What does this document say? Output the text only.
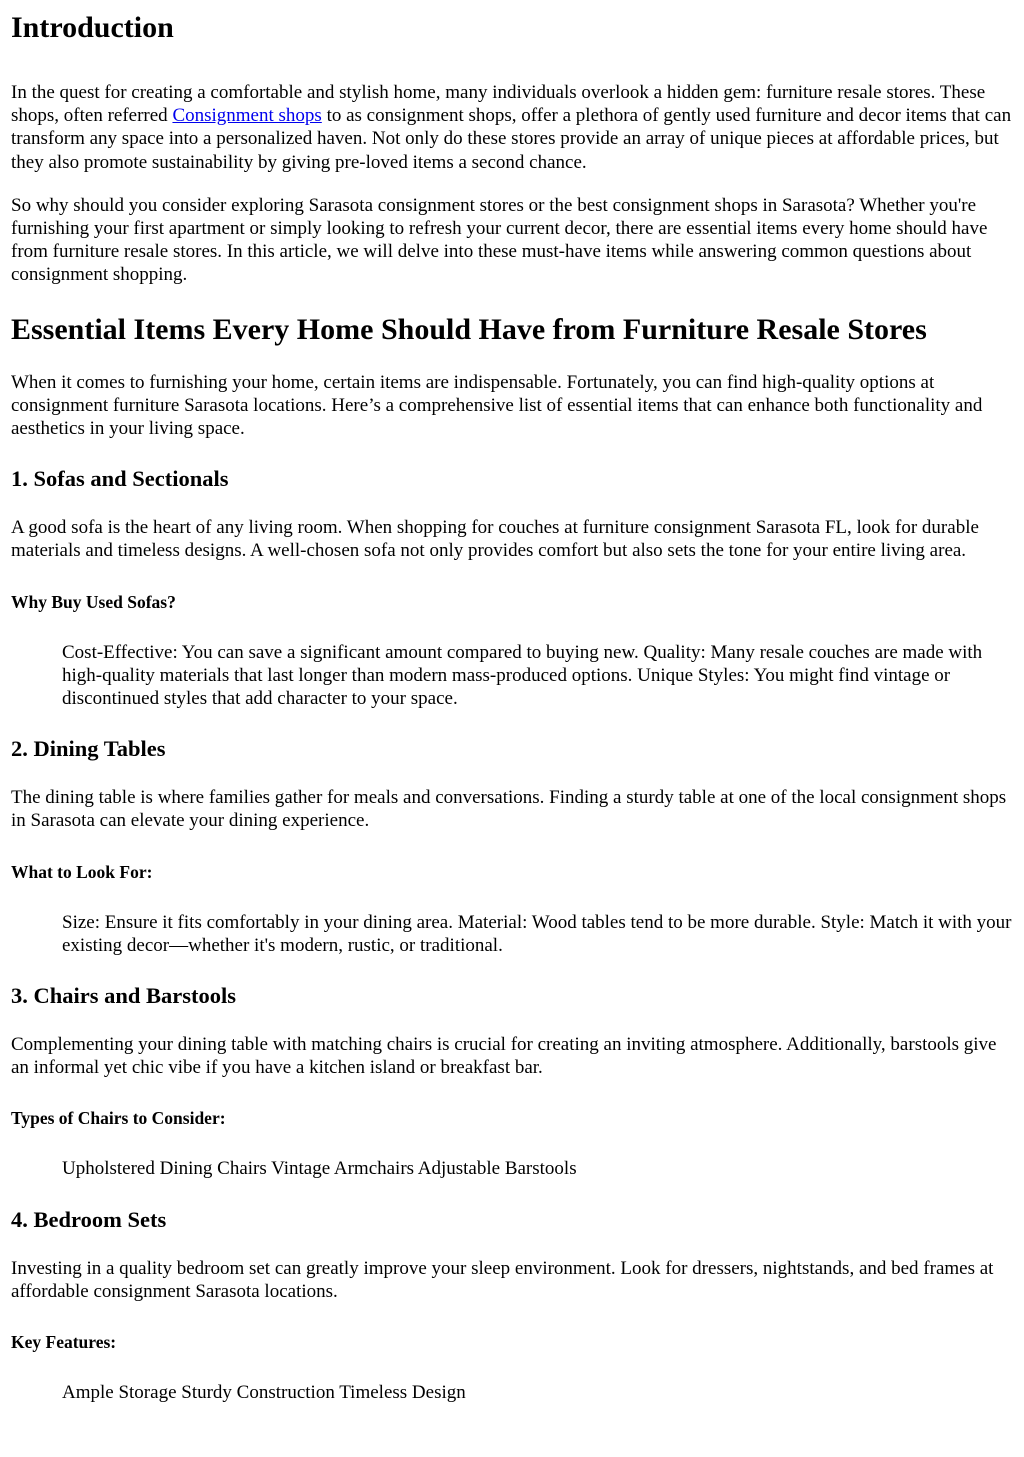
Introduction

In the quest for creating a comfortable and stylish home, many individuals overlook a hidden gem: furniture resale stores. These shops, often referred Consignment shops to as consignment shops, offer a plethora of gently used furniture and decor items that can transform any space into a personalized haven. Not only do these stores provide an array of unique pieces at affordable prices, but they also promote sustainability by giving pre-loved items a second chance.

So why should you consider exploring Sarasota consignment stores or the best consignment shops in Sarasota? Whether you're furnishing your first apartment or simply looking to refresh your current decor, there are essential items every home should have from furniture resale stores. In this article, we will delve into these must-have items while answering common questions about consignment shopping.

Essential Items Every Home Should Have from Furniture Resale Stores

When it comes to furnishing your home, certain items are indispensable. Fortunately, you can find high-quality options at consignment furniture Sarasota locations. Here’s a comprehensive list of essential items that can enhance both functionality and aesthetics in your living space.

1. Sofas and Sectionals

A good sofa is the heart of any living room. When shopping for couches at furniture consignment Sarasota FL, look for durable materials and timeless designs. A well-chosen sofa not only provides comfort but also sets the tone for your entire living area.

Why Buy Used Sofas?
Cost-Effective: You can save a significant amount compared to buying new. Quality: Many resale couches are made with high-quality materials that last longer than modern mass-produced options. Unique Styles: You might find vintage or discontinued styles that add character to your space.
2. Dining Tables

The dining table is where families gather for meals and conversations. Finding a sturdy table at one of the local consignment shops in Sarasota can elevate your dining experience.

What to Look For:
Size: Ensure it fits comfortably in your dining area. Material: Wood tables tend to be more durable. Style: Match it with your existing decor—whether it's modern, rustic, or traditional.
3. Chairs and Barstools

Complementing your dining table with matching chairs is crucial for creating an inviting atmosphere. Additionally, barstools give an informal yet chic vibe if you have a kitchen island or breakfast bar.

Types of Chairs to Consider:
Upholstered Dining Chairs Vintage Armchairs Adjustable Barstools
4. Bedroom Sets

Investing in a quality bedroom set can greatly improve your sleep environment. Look for dressers, nightstands, and bed frames at affordable consignment Sarasota locations.

Key Features:
Ample Storage Sturdy Construction Timeless Design
